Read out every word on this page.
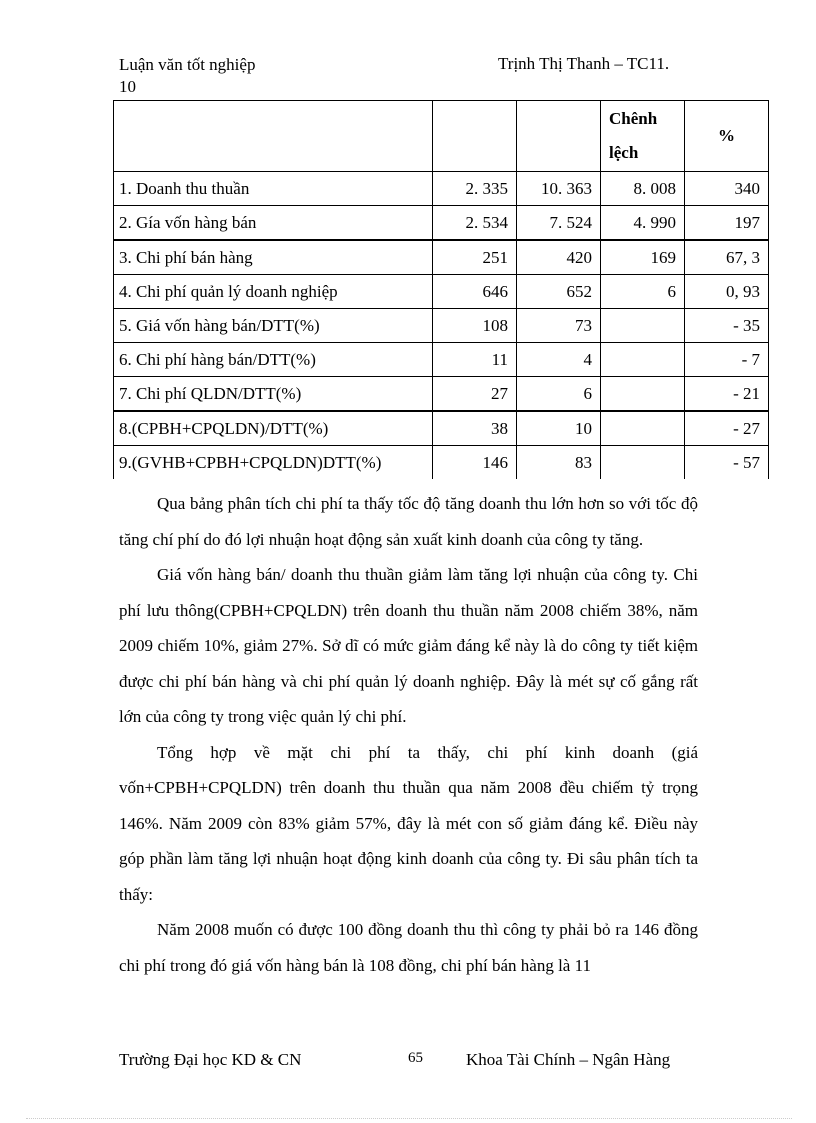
Luận văn tốt nghiệp
10
Trịnh Thị Thanh – TC11.
			Chênh lệch	%
1. Doanh thu thuần	2. 335	10. 363	8. 008	340
2. Gía vốn hàng bán	2. 534	7. 524	4. 990	197
3. Chi phí bán hàng	251	420	169	67, 3
4. Chi phí quản lý doanh nghiệp	646	652	6	0, 93
5. Giá vốn hàng bán/DTT(%)	108	73		- 35
6. Chi phí hàng bán/DTT(%)	11	4		- 7
7. Chi phí QLDN/DTT(%)	27	6		- 21
8.(CPBH+CPQLDN)/DTT(%)	38	10		- 27
9.(GVHB+CPBH+CPQLDN)DTT(%)	146	83		- 57

Qua bảng phân tích chi phí ta thấy tốc độ tăng doanh thu lớn hơn so với tốc độ tăng chí phí do đó lợi nhuận hoạt động sản xuất kinh doanh của công ty tăng.

Giá vốn hàng bán/ doanh thu thuần giảm làm tăng lợi nhuận của công ty. Chi phí lưu thông(CPBH+CPQLDN) trên doanh thu thuần năm 2008 chiếm 38%, năm 2009 chiếm 10%, giảm 27%. Sở dĩ có mức giảm đáng kể này là do công ty tiết kiệm được chi phí bán hàng và chi phí quản lý doanh nghiệp. Đây là mét sự cố gắng rất lớn của công ty trong việc quản lý chi phí.

Tổng hợp về mặt chi phí ta thấy, chi phí kinh doanh (giá vốn+CPBH+CPQLDN) trên doanh thu thuần qua năm 2008 đều chiếm tỷ trọng 146%. Năm 2009 còn 83% giảm 57%, đây là mét con số giảm đáng kể. Điều này góp phần làm tăng lợi nhuận hoạt động kinh doanh của công ty. Đi sâu phân tích ta thấy:

Năm 2008 muốn có được 100 đồng doanh thu thì công ty phải bỏ ra 146 đồng chi phí trong đó giá vốn hàng bán là 108 đồng, chi phí bán hàng là 11

Trường Đại học KD & CN	65	Khoa Tài Chính – Ngân Hàng
